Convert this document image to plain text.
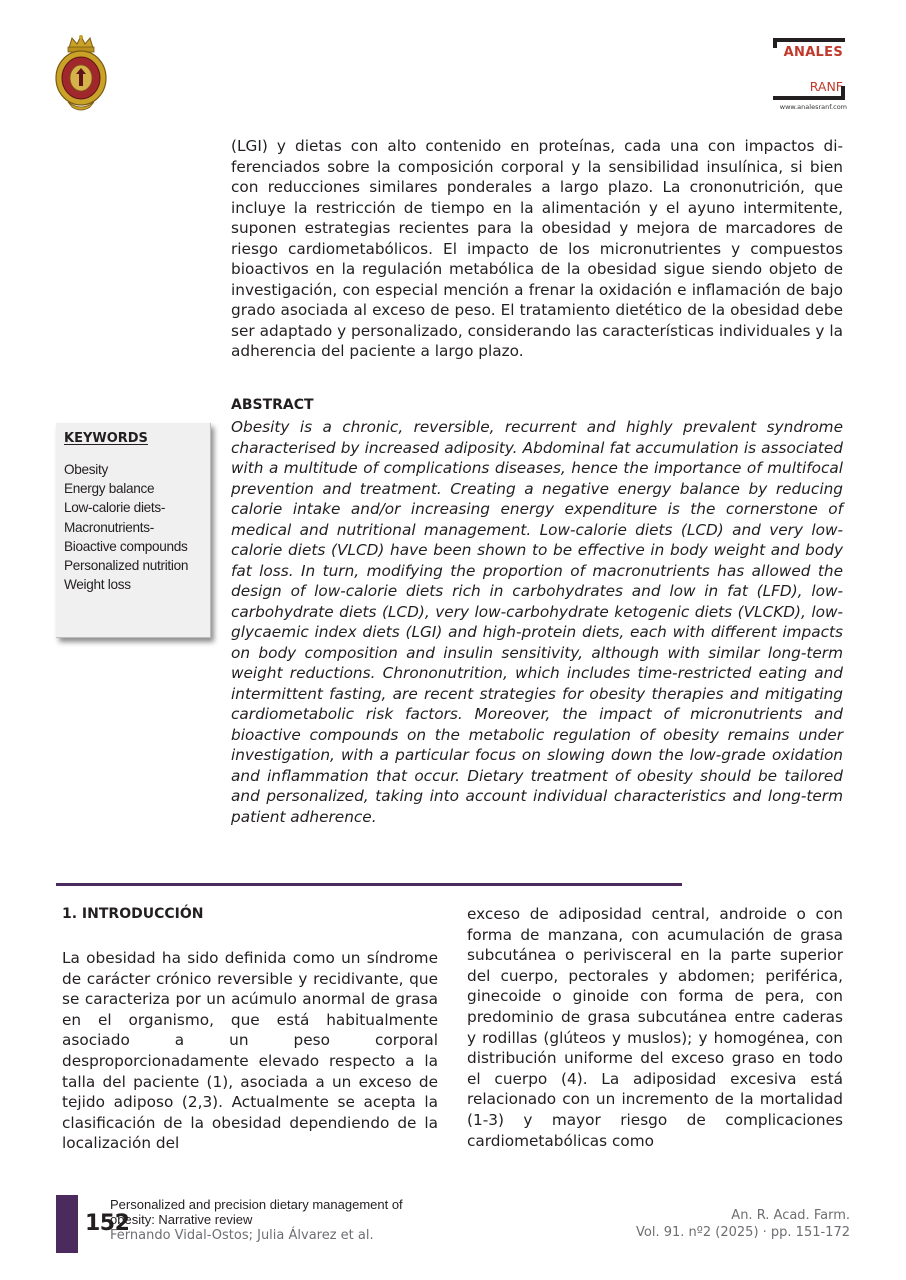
ANALES
RANF
www.analesranf.com
(LGI) y dietas con alto contenido en proteínas, cada una con impactos diferenciados sobre la composición corporal y la sensibilidad insulínica, si bien con reducciones similares ponderales a largo plazo. La crononutrición, que incluye la restricción de tiempo en la alimentación y el ayuno intermitente, suponen estrategias recientes para la obesidad y mejora de marcadores de riesgo cardiometabólicos. El impacto de los micronutrientes y compuestos bioactivos en la regulación metabólica de la obesidad sigue siendo objeto de investigación, con especial mención a frenar la oxidación e inflamación de bajo grado asociada al exceso de peso. El tratamiento dietético de la obesidad debe ser adaptado y personalizado, considerando las características individuales y la adherencia del paciente a largo plazo.
KEYWORDS
Obesity
Energy balance
Low-calorie diets-
Macronutrients-
Bioactive compounds
Personalized nutrition
Weight loss
ABSTRACT
Obesity is a chronic, reversible, recurrent and highly prevalent syndrome characterised by increased adiposity. Abdominal fat accumulation is associated with a multitude of complications diseases, hence the importance of multifocal prevention and treatment. Creating a negative energy balance by reducing calorie intake and/or increasing energy expenditure is the cornerstone of medical and nutritional management. Low-calorie diets (LCD) and very low-calorie diets (VLCD) have been shown to be effective in body weight and body fat loss. In turn, modifying the proportion of macronutrients has allowed the design of low-calorie diets rich in carbohydrates and low in fat (LFD), low-carbohydrate diets (LCD), very low-carbohydrate ketogenic diets (VLCKD), low-glycaemic index diets (LGI) and high-protein diets, each with different impacts on body composition and insulin sensitivity, although with similar long-term weight reductions. Chrononutrition, which includes time-restricted eating and intermittent fasting, are recent strategies for obesity therapies and mitigating cardiometabolic risk factors. Moreover, the impact of micronutrients and bioactive compounds on the metabolic regulation of obesity remains under investigation, with a particular focus on slowing down the low-grade oxidation and inflammation that occur. Dietary treatment of obesity should be tailored and personalized, taking into account individual characteristics and long-term patient adherence.
1. INTRODUCCIÓN
La obesidad ha sido definida como un síndrome de carácter crónico reversible y recidivante, que se caracteriza por un acúmulo anormal de grasa en el organismo, que está habitualmente asociado a un peso corporal desproporcionadamente elevado respecto a la talla del paciente (1), asociada a un exceso de tejido adiposo (2,3). Actualmente se acepta la clasificación de la obesidad dependiendo de la localización del
exceso de adiposidad central, androide o con forma de manzana, con acumulación de grasa subcutánea o perivisceral en la parte superior del cuerpo, pectorales y abdomen; periférica, ginecoide o ginoide con forma de pera, con predominio de grasa subcutánea entre caderas y rodillas (glúteos y muslos); y homogénea, con distribución uniforme del exceso graso en todo el cuerpo (4). La adiposidad excesiva está relacionado con un incremento de la mortalidad (1-3) y mayor riesgo de complicaciones cardiometabólicas como
152
Personalized and precision dietary management of obesity: Narrative review
Fernando Vidal-Ostos; Julia Álvarez et al.
An. R. Acad. Farm.
Vol. 91. nº2 (2025) · pp. 151-172
